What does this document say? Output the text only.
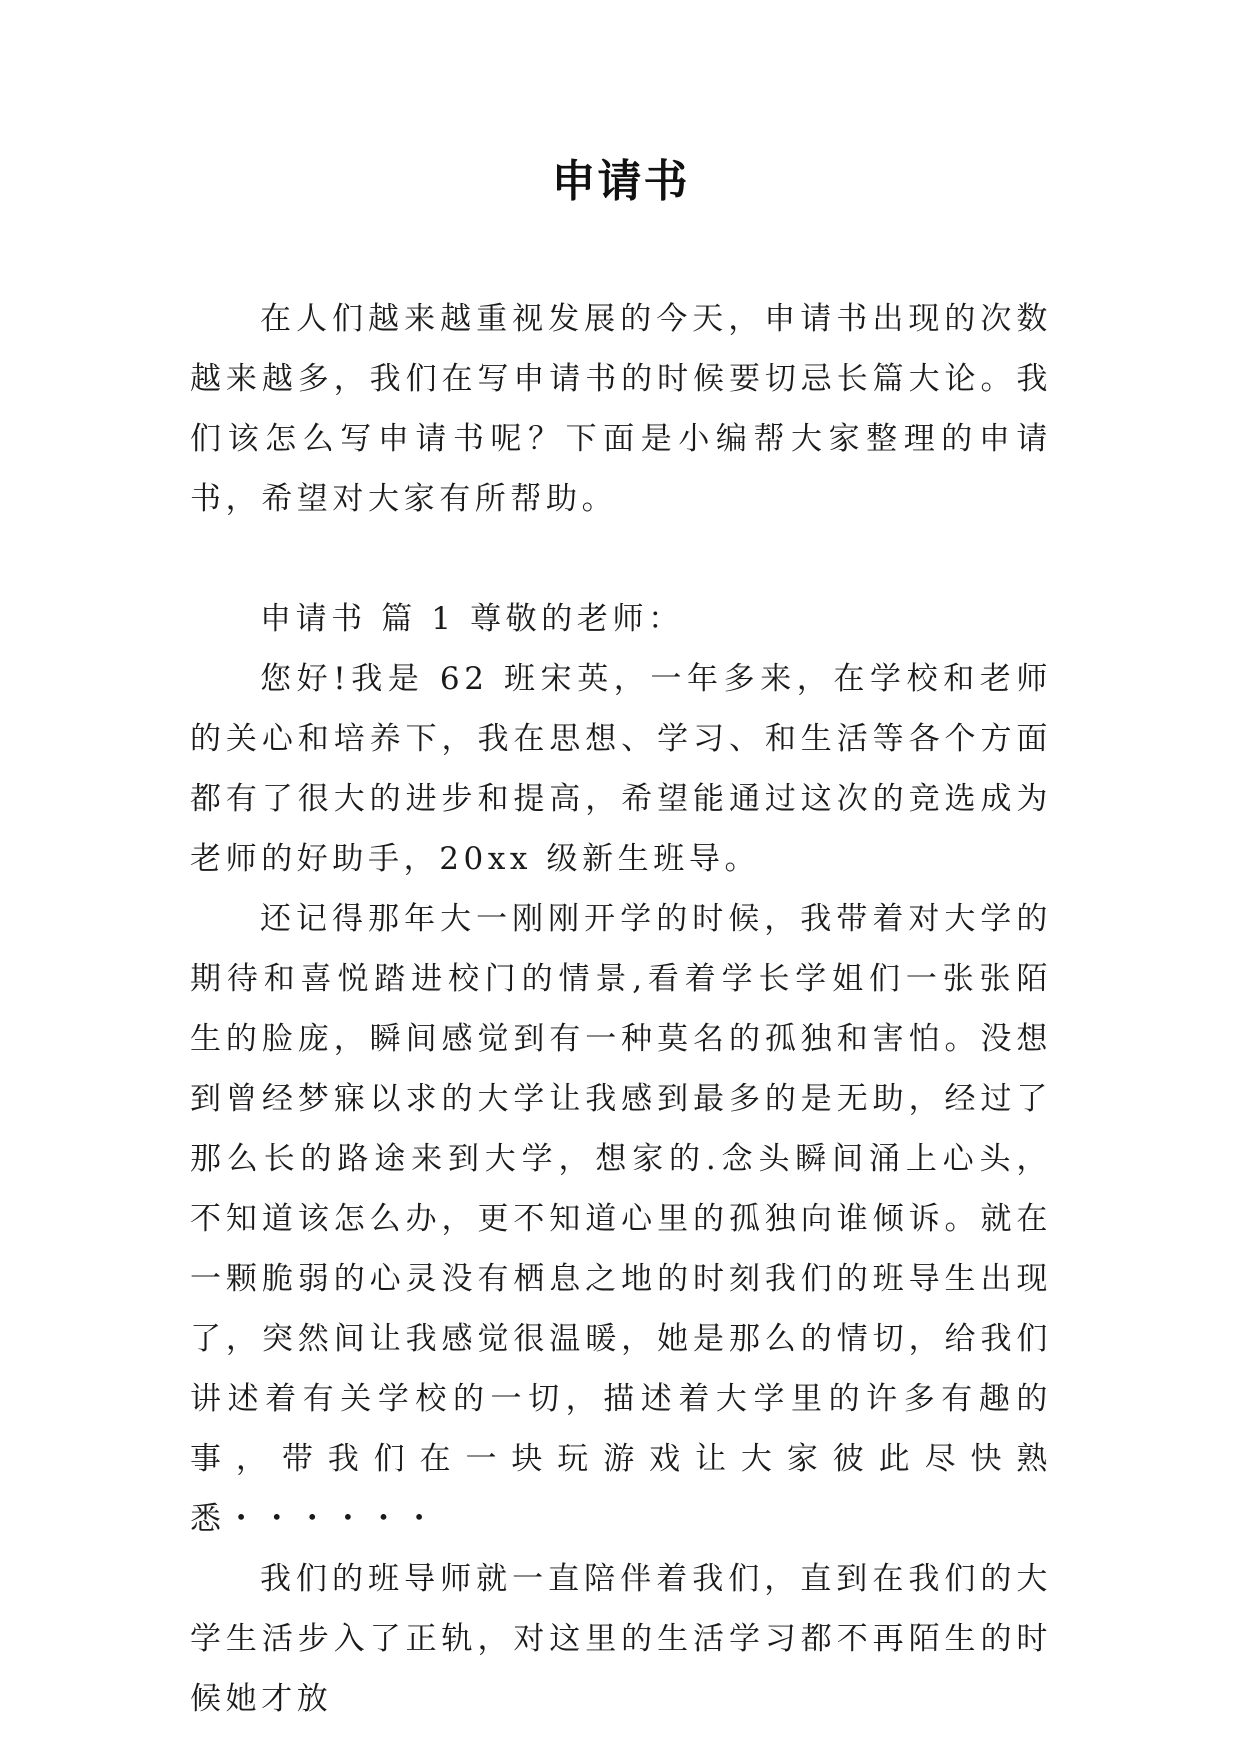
申请书

在人们越来越重视发展的今天，申请书出现的次数越来越多，我们在写申请书的时候要切忌长篇大论。我们该怎么写申请书呢？下面是小编帮大家整理的申请书，希望对大家有所帮助。

申请书 篇 1 尊敬的老师：

您好!我是 62 班宋英，一年多来，在学校和老师的关心和培养下，我在思想、学习、和生活等各个方面都有了很大的进步和提高，希望能通过这次的竞选成为老师的好助手，20xx 级新生班导。

还记得那年大一刚刚开学的时候，我带着对大学的期待和喜悦踏进校门的情景,看着学长学姐们一张张陌生的脸庞，瞬间感觉到有一种莫名的孤独和害怕。没想到曾经梦寐以求的大学让我感到最多的是无助，经过了那么长的路途来到大学，想家的.念头瞬间涌上心头，不知道该怎么办，更不知道心里的孤独向谁倾诉。就在一颗脆弱的心灵没有栖息之地的时刻我们的班导生出现了，突然间让我感觉很温暖，她是那么的情切，给我们讲述着有关学校的一切，描述着大学里的许多有趣的事，带我们在一块玩游戏让大家彼此尽快熟悉・・・・・・

我们的班导师就一直陪伴着我们，直到在我们的大学生活步入了正轨，对这里的生活学习都不再陌生的时候她才放
